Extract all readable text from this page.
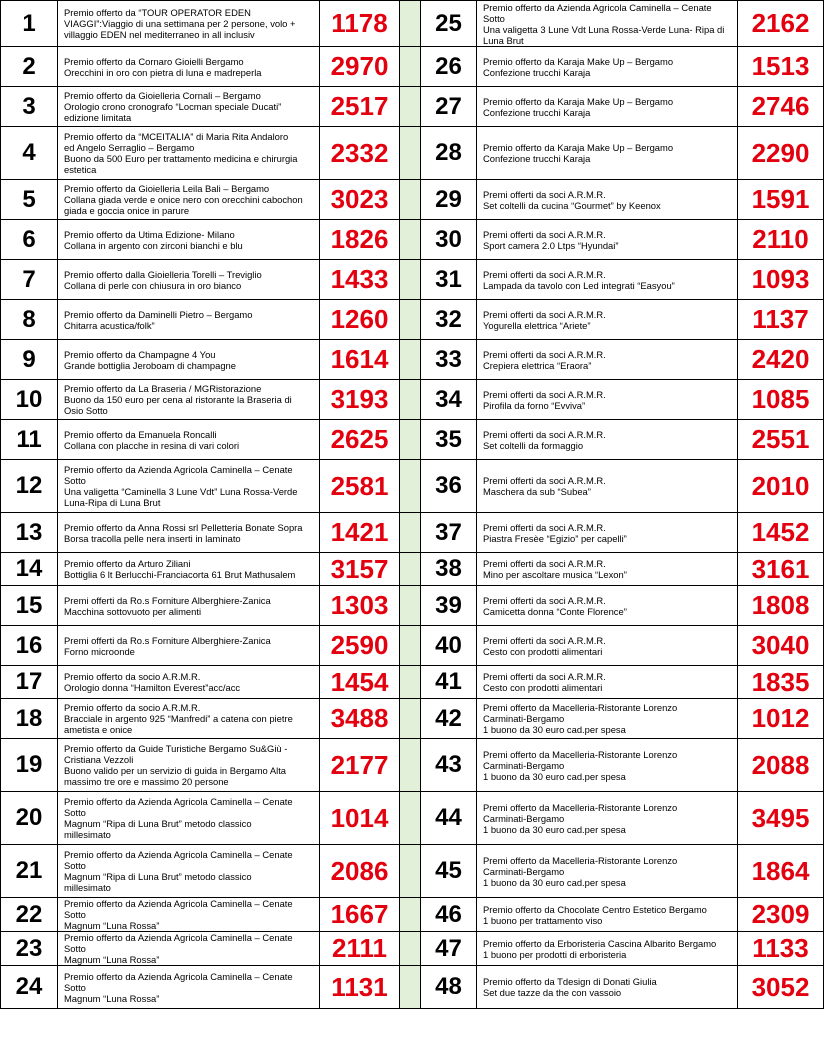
1	Premio offerto da “TOUR OPERATOR EDEN
VIAGGI”:Viaggio di una settimana per 2 persone, volo +
villaggio EDEN nel mediterraneo in all inclusiv	1178		25	Premio offerto da Azienda Agricola Caminella – Cenate
Sotto
Una valigetta 3 Lune Vdt Luna Rossa-Verde Luna- Ripa di
Luna Brut	2162
2	Premio offerto da Cornaro Gioielli Bergamo
Orecchini in oro con pietra di luna e madreperla	2970		26	Premio offerto da Karaja Make Up – Bergamo
Confezione trucchi Karaja	1513
3	Premio offerto da Gioielleria Cornali – Bergamo
Orologio crono cronografo “Locman speciale Ducati”
edizione limitata	2517		27	Premio offerto da Karaja Make Up – Bergamo
Confezione trucchi Karaja	2746
4	Premio offerto da “MCEITALIA” di Maria Rita Andaloro
ed Angelo Serraglio – Bergamo
Buono da 500 Euro per trattamento medicina e chirurgia
estetica	2332		28	Premio offerto da Karaja Make Up – Bergamo
Confezione trucchi Karaja	2290
5	Premio offerto da Gioielleria Leila Bali – Bergamo
Collana giada verde e onice nero con orecchini cabochon
giada e goccia onice in parure	3023		29	Premi offerti da soci A.R.M.R.
Set coltelli da cucina “Gourmet” by Keenox	1591
6	Premio offerto da Utima Edizione- Milano
Collana in argento con zirconi bianchi e blu	1826		30	Premi offerti da soci A.R.M.R.
Sport camera 2.0 Ltps “Hyundai”	2110
7	Premio offerto dalla Gioielleria Torelli – Treviglio
Collana di perle con chiusura in oro bianco	1433		31	Premi offerti da soci A.R.M.R.
Lampada da tavolo con Led integrati “Easyou”	1093
8	Premio offerto da Daminelli Pietro – Bergamo
Chitarra acustica/folk”	1260		32	Premi offerti da soci A.R.M.R.
Yogurella elettrica “Ariete”	1137
9	Premio offerto da Champagne 4 You
Grande bottiglia Jeroboam di champagne	1614		33	Premi offerti da soci A.R.M.R.
Crepiera elettrica “Eraora”	2420
10	Premio offerto da La Braseria / MGRistorazione
Buono da 150 euro per cena al ristorante la Braseria di
Osio Sotto	3193		34	Premi offerti da soci A.R.M.R.
Pirofila da forno “Evviva”	1085
11	Premio offerto da Emanuela Roncalli
Collana con placche in resina di vari colori	2625		35	Premi offerti da soci A.R.M.R.
Set coltelli da formaggio	2551
12	Premio offerto da Azienda Agricola Caminella – Cenate
Sotto
Una valigetta “Caminella 3 Lune Vdt” Luna Rossa-Verde
Luna-Ripa di Luna Brut	2581		36	Premi offerti da soci A.R.M.R.
Maschera da sub “Subea”	2010
13	Premio offerto da Anna Rossi srl Pelletteria Bonate Sopra
Borsa tracolla pelle nera inserti in laminato	1421		37	Premi offerti da soci A.R.M.R.
Piastra Fresèe “Egizio” per capelli”	1452
14	Premio offerto da Arturo Ziliani
Bottiglia 6 lt Berlucchi-Franciacorta 61 Brut Mathusalem	3157		38	Premi offerti da soci A.R.M.R.
Mino per ascoltare musica “Lexon”	3161
15	Premi offerti da Ro.s Forniture Alberghiere-Zanica
Macchina sottovuoto per alimenti	1303		39	Premi offerti da soci A.R.M.R.
Camicetta donna “Conte Florence”	1808
16	Premi offerti da Ro.s Forniture Alberghiere-Zanica
Forno microonde	2590		40	Premi offerti da soci A.R.M.R.
Cesto con prodotti alimentari	3040
17	Premio offerto da socio A.R.M.R.
Orologio donna “Hamilton Everest”acc/acc	1454		41	Premi offerti da soci A.R.M.R.
Cesto con prodotti alimentari	1835
18	Premio offerto da socio A.R.M.R.
Bracciale in argento 925 “Manfredi” a catena con pietre
ametista e onice	3488		42	Premi offerto da Macelleria-Ristorante Lorenzo
Carminati-Bergamo
1 buono da 30 euro cad.per spesa	1012
19	Premio offerto da Guide Turistiche Bergamo Su&Giù -
Cristiana Vezzoli
Buono valido per un servizio di guida in Bergamo Alta
massimo tre ore e massimo 20 persone	2177		43	Premi offerto da Macelleria-Ristorante Lorenzo
Carminati-Bergamo
1 buono da 30 euro cad.per spesa	2088
20	Premio offerto da Azienda Agricola Caminella – Cenate
Sotto
Magnum “Ripa di Luna Brut” metodo classico
millesimato	1014		44	Premi offerto da Macelleria-Ristorante Lorenzo
Carminati-Bergamo
1 buono da 30 euro cad.per spesa	3495
21	Premio offerto da Azienda Agricola Caminella – Cenate
Sotto
Magnum “Ripa di Luna Brut” metodo classico
millesimato	2086		45	Premi offerto da Macelleria-Ristorante Lorenzo
Carminati-Bergamo
1 buono da 30 euro cad.per spesa	1864
22	Premio offerto da Azienda Agricola Caminella – Cenate
Sotto
Magnum “Luna Rossa”	1667		46	Premio offerto da Chocolate Centro Estetico Bergamo
1 buono per trattamento viso	2309
23	Premio offerto da Azienda Agricola Caminella – Cenate
Sotto
Magnum “Luna Rossa”	2111		47	Premio offerto da Erboristeria Cascina Albarito Bergamo
1 buono per prodotti di erboristeria	1133
24	Premio offerto da Azienda Agricola Caminella – Cenate
Sotto
Magnum “Luna Rossa”	1131		48	Premio offerto da Tdesign di Donati Giulia
Set due tazze da the con vassoio	3052
